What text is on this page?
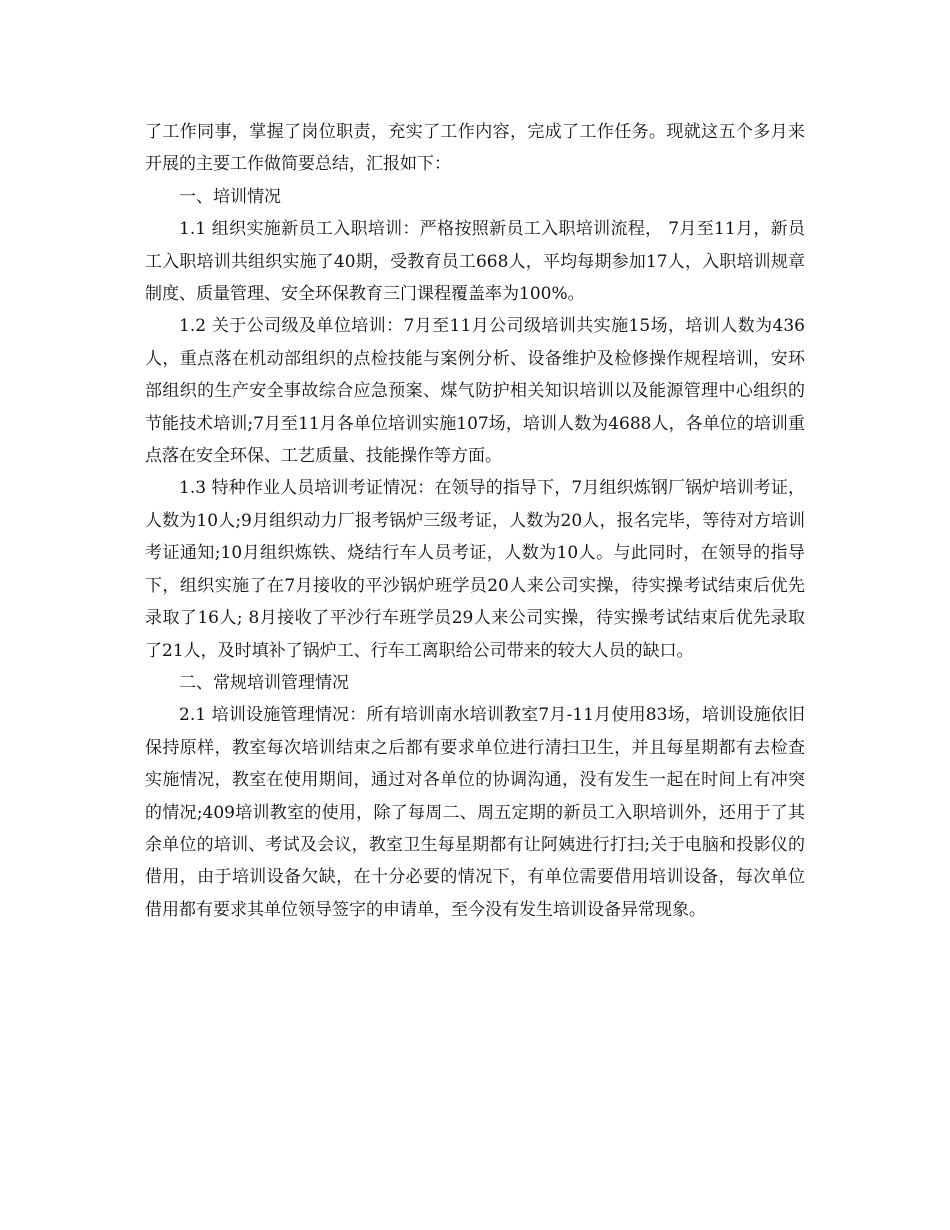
了工作同事，掌握了岗位职责，充实了工作内容，完成了工作任务。现就这五个多月来开展的主要工作做简要总结，汇报如下：

一、培训情况

1.1 组织实施新员工入职培训：严格按照新员工入职培训流程， 7月至11月，新员工入职培训共组织实施了40期，受教育员工668人，平均每期参加17人，入职培训规章制度、质量管理、安全环保教育三门课程覆盖率为100%。

1.2 关于公司级及单位培训：7月至11月公司级培训共实施15场，培训人数为436人，重点落在机动部组织的点检技能与案例分析、设备维护及检修操作规程培训，安环部组织的生产安全事故综合应急预案、煤气防护相关知识培训以及能源管理中心组织的节能技术培训;7月至11月各单位培训实施107场，培训人数为4688人，各单位的培训重点落在安全环保、工艺质量、技能操作等方面。

1.3 特种作业人员培训考证情况：在领导的指导下，7月组织炼钢厂锅炉培训考证，人数为10人;9月组织动力厂报考锅炉三级考证，人数为20人，报名完毕，等待对方培训考证通知;10月组织炼铁、烧结行车人员考证，人数为10人。与此同时，在领导的指导下，组织实施了在7月接收的平沙锅炉班学员20人来公司实操，待实操考试结束后优先录取了16人; 8月接收了平沙行车班学员29人来公司实操，待实操考试结束后优先录取了21人，及时填补了锅炉工、行车工离职给公司带来的较大人员的缺口。

二、常规培训管理情况

2.1 培训设施管理情况：所有培训南水培训教室7月-11月使用83场，培训设施依旧保持原样，教室每次培训结束之后都有要求单位进行清扫卫生，并且每星期都有去检查实施情况，教室在使用期间，通过对各单位的协调沟通，没有发生一起在时间上有冲突的情况;409培训教室的使用，除了每周二、周五定期的新员工入职培训外，还用于了其余单位的培训、考试及会议，教室卫生每星期都有让阿姨进行打扫;关于电脑和投影仪的借用，由于培训设备欠缺，在十分必要的情况下，有单位需要借用培训设备，每次单位借用都有要求其单位领导签字的申请单，至今没有发生培训设备异常现象。
